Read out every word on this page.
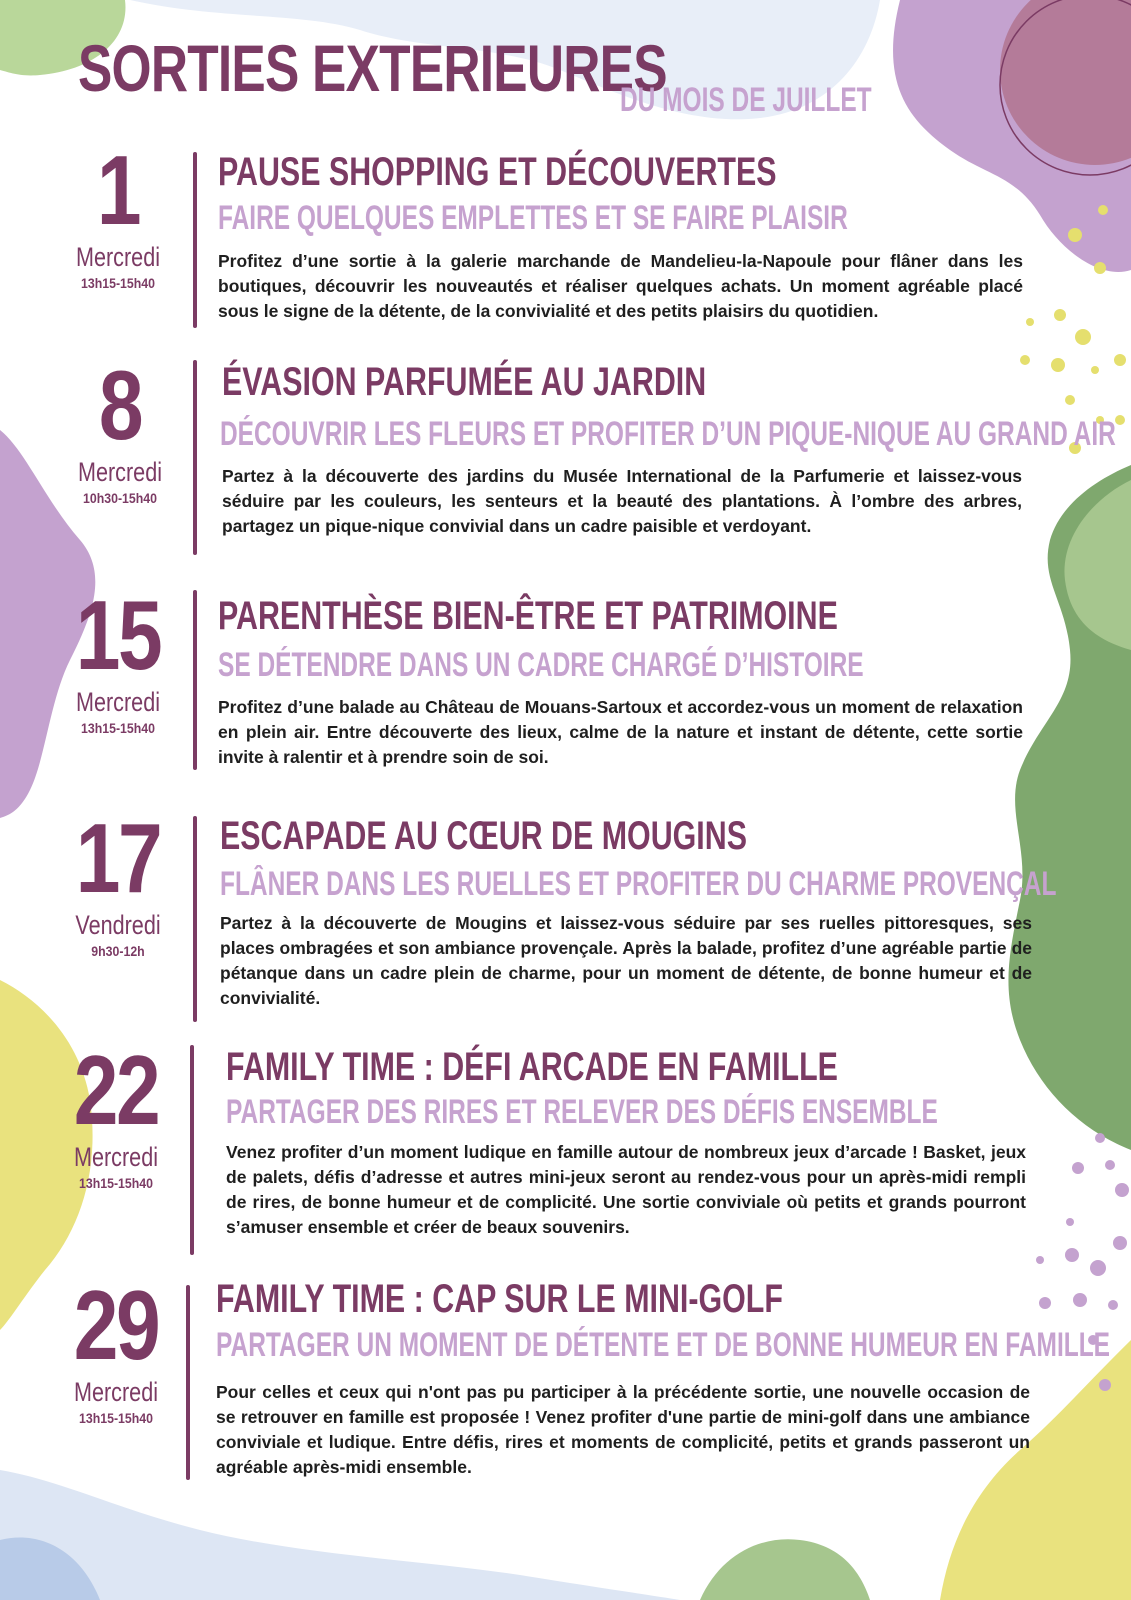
SORTIES EXTERIEURES
DU MOIS DE JUILLET
1
Mercredi
13h15-15h40
PAUSE SHOPPING ET DÉCOUVERTES
FAIRE QUELQUES EMPLETTES ET SE FAIRE PLAISIR

Profitez d’une sortie à la galerie marchande de Mandelieu-la-Napoule pour flâner dans les boutiques, découvrir les nouveautés et réaliser quelques achats. Un moment agréable placé sous le signe de la détente, de la convivialité et des petits plaisirs du quotidien.

8
Mercredi
10h30-15h40
ÉVASION PARFUMÉE AU JARDIN
DÉCOUVRIR LES FLEURS ET PROFITER D’UN PIQUE-NIQUE AU GRAND AIR

Partez à la découverte des jardins du Musée International de la Parfumerie et laissez-vous séduire par les couleurs, les senteurs et la beauté des plantations. À l’ombre des arbres, partagez un pique-nique convivial dans un cadre paisible et verdoyant.

15
Mercredi
13h15-15h40
PARENTHÈSE BIEN-ÊTRE ET PATRIMOINE
SE DÉTENDRE DANS UN CADRE CHARGÉ D’HISTOIRE

Profitez d’une balade au Château de Mouans-Sartoux et accordez-vous un moment de relaxation en plein air. Entre découverte des lieux, calme de la nature et instant de détente, cette sortie invite à ralentir et à prendre soin de soi.

17
Vendredi
9h30-12h
ESCAPADE AU CŒUR DE MOUGINS
FLÂNER DANS LES RUELLES ET PROFITER DU CHARME PROVENÇAL

Partez à la découverte de Mougins et laissez-vous séduire par ses ruelles pittoresques, ses places ombragées et son ambiance provençale. Après la balade, profitez d’une agréable partie de pétanque dans un cadre plein de charme, pour un moment de détente, de bonne humeur et de convivialité.

22
Mercredi
13h15-15h40
FAMILY TIME : DÉFI ARCADE EN FAMILLE
PARTAGER DES RIRES ET RELEVER DES DÉFIS ENSEMBLE

Venez profiter d’un moment ludique en famille autour de nombreux jeux d’arcade ! Basket, jeux de palets, défis d’adresse et autres mini-jeux seront au rendez-vous pour un après-midi rempli de rires, de bonne humeur et de complicité. Une sortie conviviale où petits et grands pourront s’amuser ensemble et créer de beaux souvenirs.

29
Mercredi
13h15-15h40
FAMILY TIME : CAP SUR LE MINI-GOLF
PARTAGER UN MOMENT DE DÉTENTE ET DE BONNE HUMEUR EN FAMILLE

Pour celles et ceux qui n'ont pas pu participer à la précédente sortie, une nouvelle occasion de se retrouver en famille est proposée ! Venez profiter d'une partie de mini-golf dans une ambiance conviviale et ludique. Entre défis, rires et moments de complicité, petits et grands passeront un agréable après-midi ensemble.
